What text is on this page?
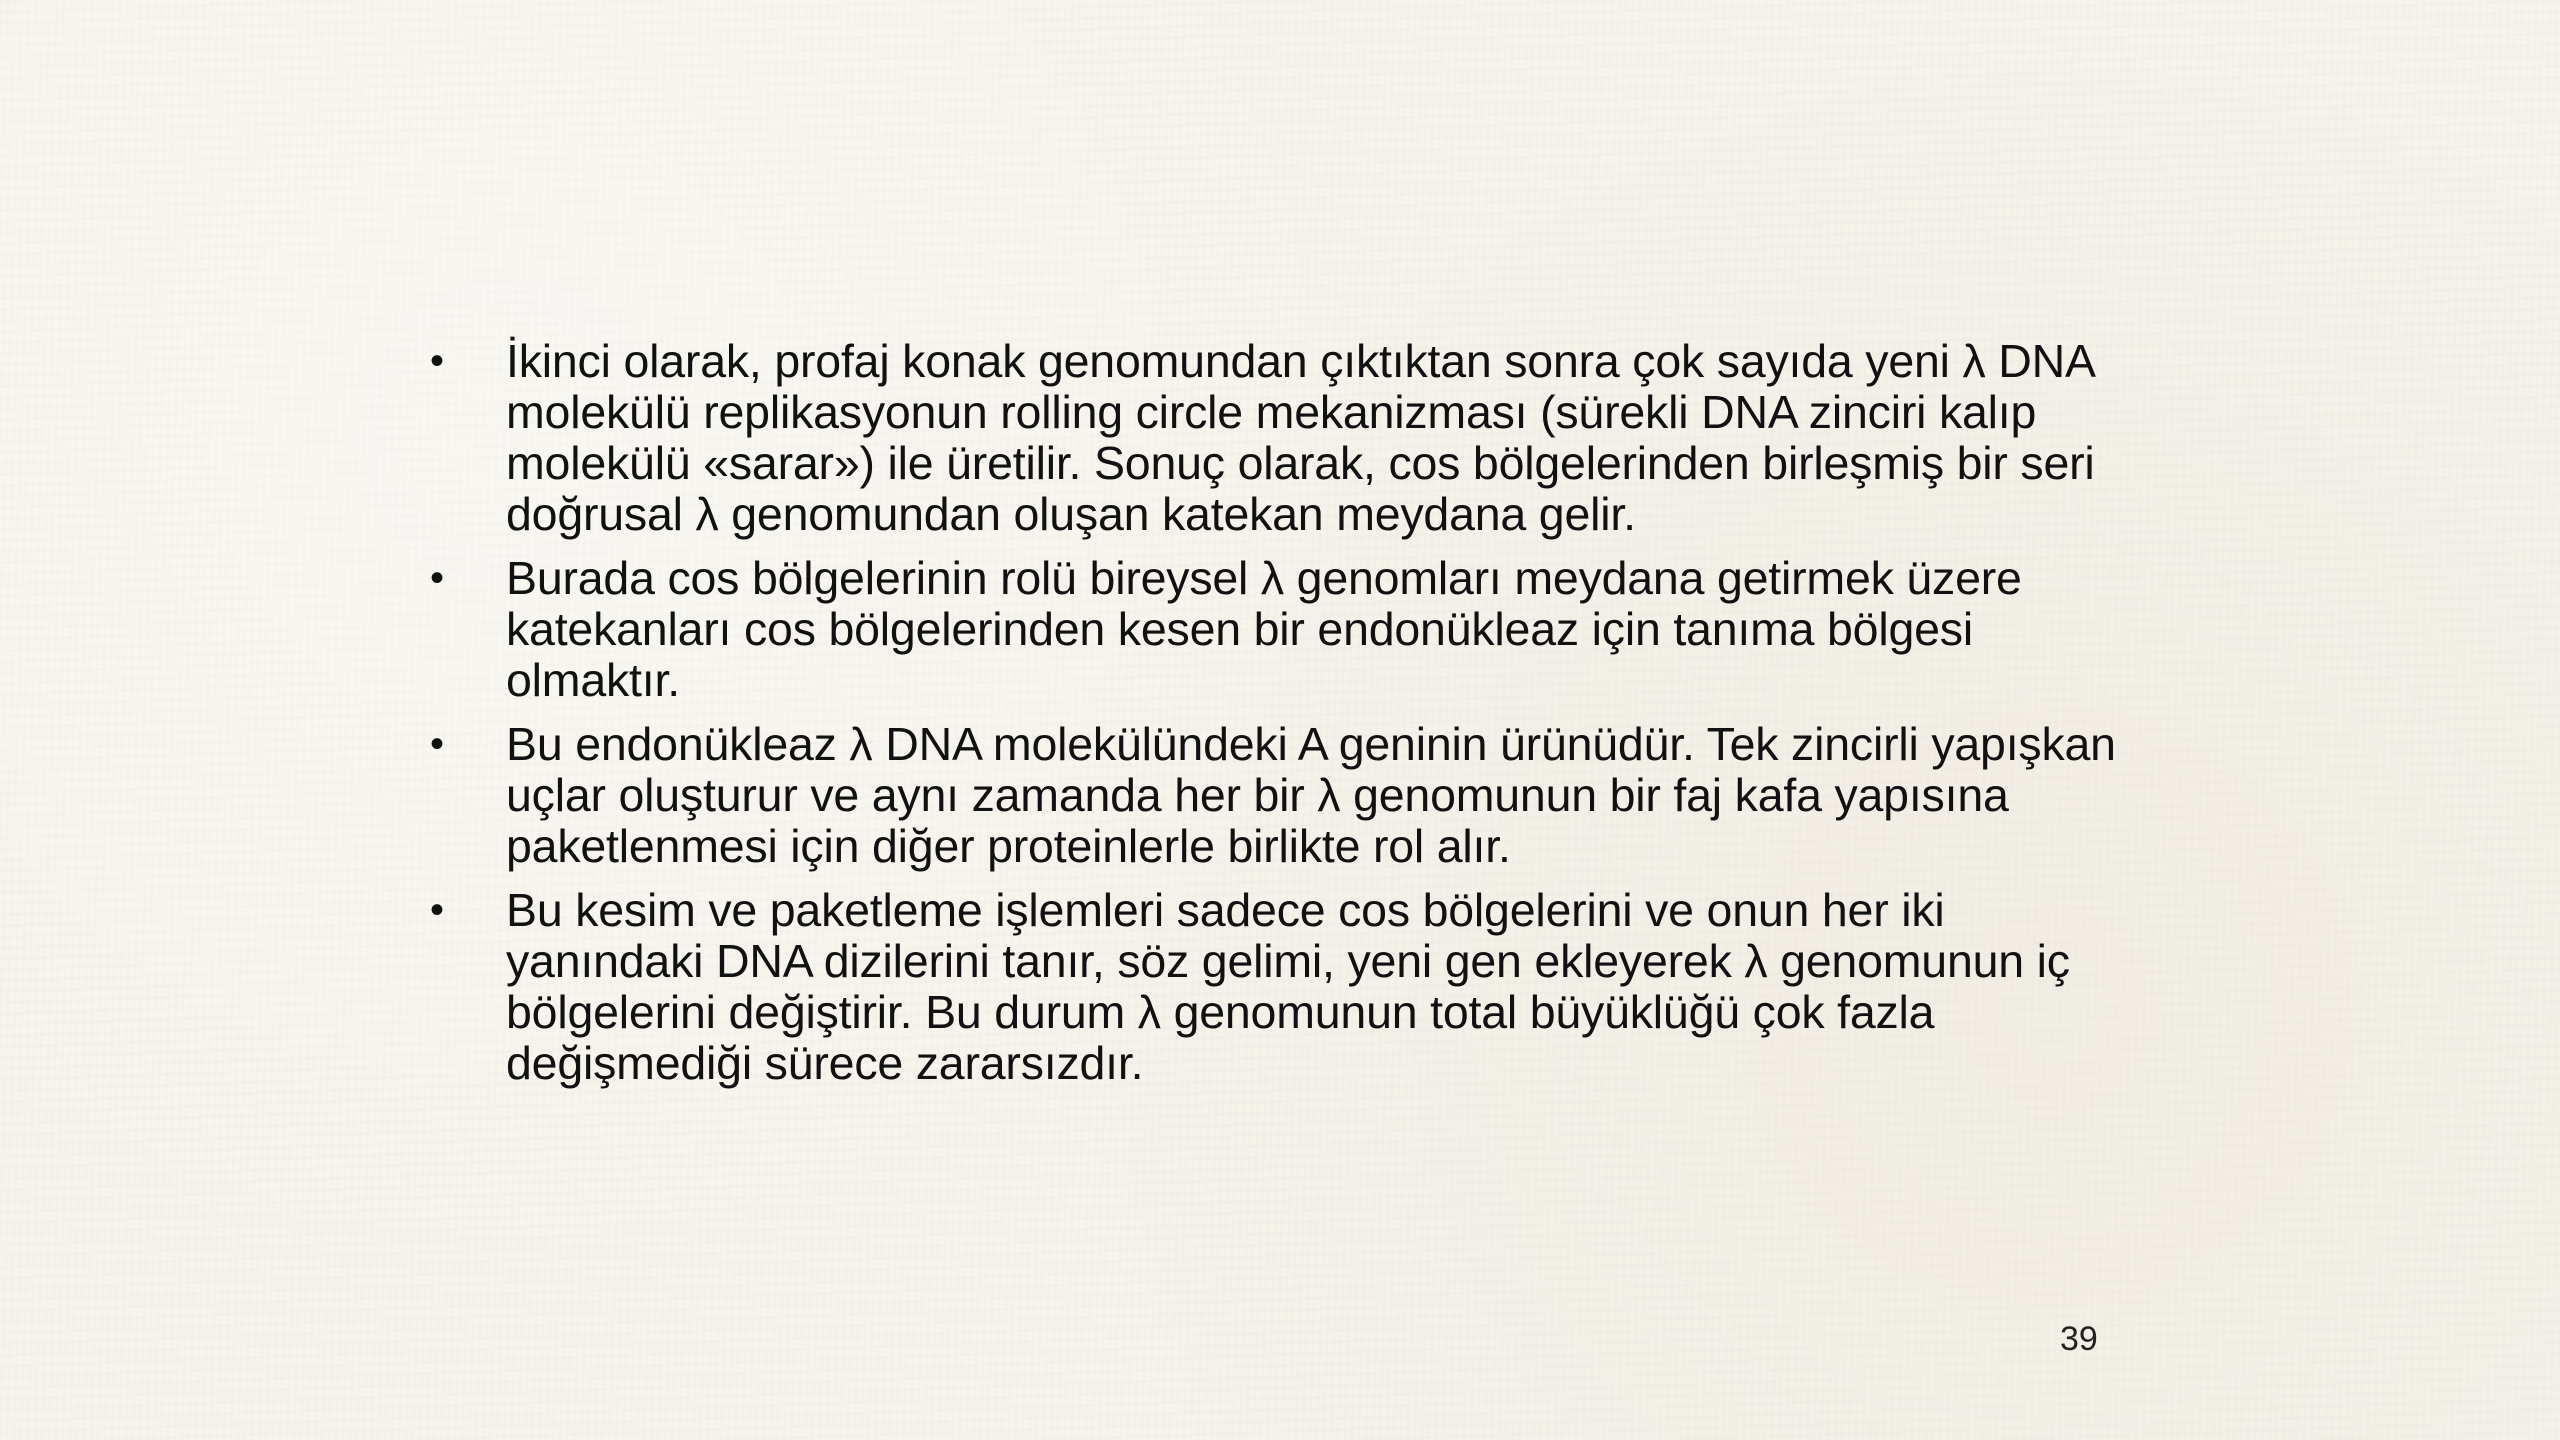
•	İkinci olarak, profaj konak genomundan çıktıktan sonra çok sayıda yeni λ DNA molekülü replikasyonun rolling circle mekanizması (sürekli DNA zinciri kalıp molekülü «sarar») ile üretilir. Sonuç olarak, cos bölgelerinden birleşmiş bir seri doğrusal λ genomundan oluşan katekan meydana gelir.
•	Burada cos bölgelerinin rolü bireysel λ genomları meydana getirmek üzere katekanları cos bölgelerinden kesen bir endonükleaz için tanıma bölgesi olmaktır.
•	Bu endonükleaz λ DNA molekülündeki A geninin ürünüdür. Tek zincirli yapışkan uçlar oluşturur ve aynı zamanda her bir λ genomunun bir faj kafa yapısına paketlenmesi için diğer proteinlerle birlikte rol alır.
•	Bu kesim ve paketleme işlemleri sadece cos bölgelerini ve onun her iki yanındaki DNA dizilerini tanır, söz gelimi, yeni gen ekleyerek λ genomunun iç bölgelerini değiştirir. Bu durum λ genomunun total büyüklüğü çok fazla değişmediği sürece zararsızdır.
39
